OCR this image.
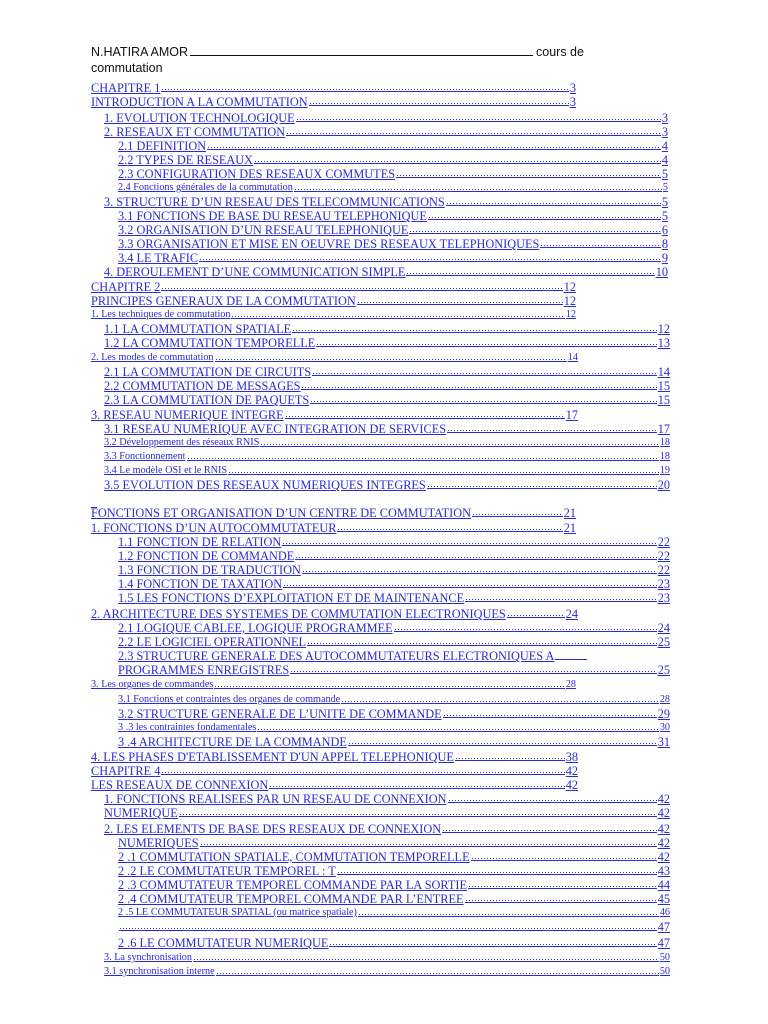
N.HATIRA AMOR	cours de
commutation
CHAPITRE 1	3
INTRODUCTION A LA COMMUTATION	3
1. EVOLUTION TECHNOLOGIQUE	3
2. RESEAUX ET COMMUTATION	3
2.1 DEFINITION	4
2.2 TYPES DE RESEAUX	4
2.3 CONFIGURATION DES RESEAUX COMMUTES	5
2.4 Fonctions générales de la commutation	5
3. STRUCTURE D’UN RESEAU DES TELECOMMUNICATIONS	5
3.1 FONCTIONS DE BASE DU RESEAU TELEPHONIQUE	5
3.2 ORGANISATION D’UN RESEAU TELEPHONIQUE	6
3.3 ORGANISATION ET MISE EN OEUVRE DES RESEAUX TELEPHONIQUES	8
3.4 LE TRAFIC	9
4. DEROULEMENT D’UNE COMMUNICATION SIMPLE	10
CHAPITRE 2	12
PRINCIPES GENERAUX DE LA COMMUTATION	12
1. Les techniques de commutation	12
1.1 LA COMMUTATION SPATIALE	12
1.2 LA COMMUTATION TEMPORELLE	13
2. Les modes de commutation	14
2.1 LA COMMUTATION DE CIRCUITS	14
2.2 COMMUTATION DE MESSAGES	15
2.3 LA COMMUTATION DE PAQUETS	15
3. RESEAU NUMERIQUE INTEGRE	17
3.1 RESEAU NUMERIQUE AVEC INTEGRATION DE SERVICES	17
3.2 Développement des réseaux RNIS	18
3.3 Fonctionnement	18
3.4 Le modèle OSI et le RNIS	19
3.5 EVOLUTION DES RESEAUX NUMERIQUES INTEGRES	20
FONCTIONS ET ORGANISATION D’UN CENTRE DE COMMUTATION	21
1. FONCTIONS D’UN AUTOCOMMUTATEUR	21
1.1 FONCTION DE RELATION	22
1.2 FONCTION DE COMMANDE	22
1.3 FONCTION DE TRADUCTION	22
1.4 FONCTION DE TAXATION	23
1.5 LES FONCTIONS D’EXPLOITATION ET DE MAINTENANCE	23
2. ARCHITECTURE DES SYSTEMES DE COMMUTATION ELECTRONIQUES	24
2.1 LOGIQUE CABLEE, LOGIQUE PROGRAMMEE	24
2.2 LE LOGICIEL OPERATIONNEL	25
2.3 STRUCTURE GENERALE DES AUTOCOMMUTATEURS ELECTRONIQUES A
PROGRAMMES ENREGISTRES	25
3. Les organes de commandes	28
3.1 Fonctions et contraintes des organes de commande	28
3.2 STRUCTURE GENERALE DE L’UNITE DE COMMANDE	29
3 .3 les contraintes fondamentales	30
3 .4 ARCHITECTURE DE LA COMMANDE	31
4. LES PHASES D'ETABLISSEMENT D'UN APPEL TELEPHONIQUE	38
CHAPITRE 4	42
LES RESEAUX DE CONNEXION	42
1. FONCTIONS REALISEES PAR UN RESEAU DE CONNEXION	42
NUMERIQUE	42
2. LES ELEMENTS DE BASE DES RESEAUX DE CONNEXION	42
NUMERIQUES	42
2 .1 COMMUTATION SPATIALE, COMMUTATION TEMPORELLE	42
2 .2 LE COMMUTATEUR TEMPOREL : T	43
2 .3 COMMUTATEUR TEMPOREL COMMANDE PAR LA SORTIE	44
2 .4 COMMUTATEUR TEMPOREL COMMANDE PAR L’ENTREE	45
2 .5 LE COMMUTATEUR SPATIAL (ou matrice spatiale)	46
47
2 .6 LE COMMUTATEUR NUMERIQUE	47
3. La synchronisation	50
3.1 synchronisation interne	50
